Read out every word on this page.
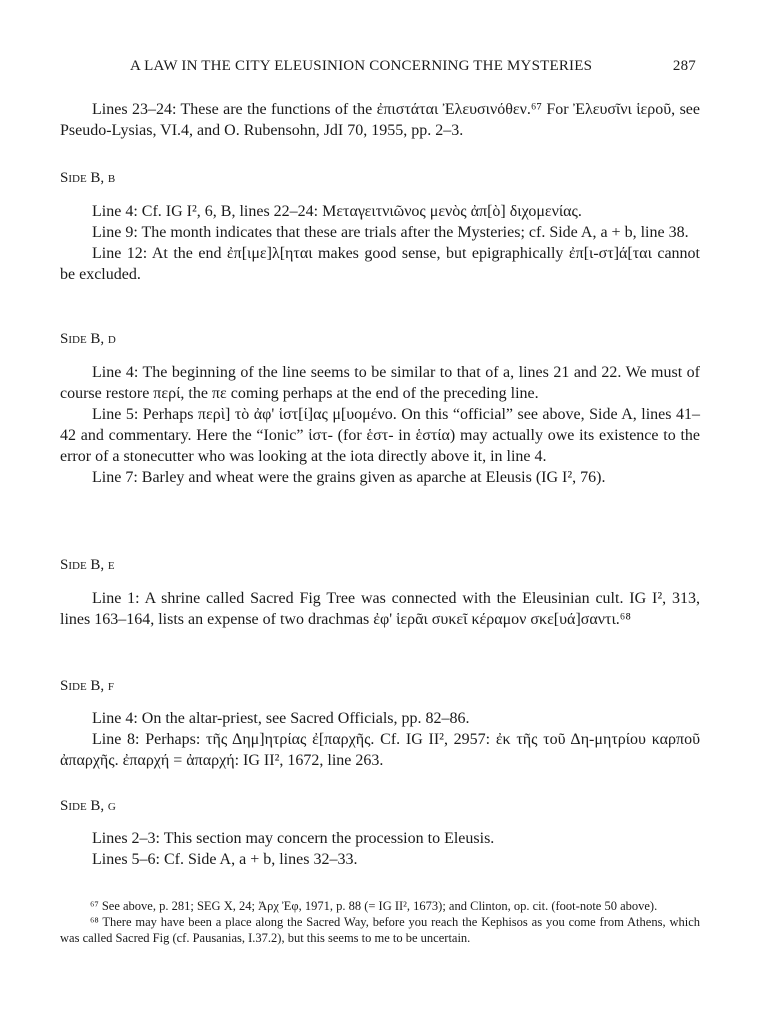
A LAW IN THE CITY ELEUSINION CONCERNING THE MYSTERIES	287

Lines 23–24: These are the functions of the ἐπιστάται Ἐλευσινόθεν.⁶⁷ For Ἐλευσῖνι ἱεροῦ, see Pseudo-Lysias, VI.4, and O. Rubensohn, JdI 70, 1955, pp. 2–3.

Side B, b

Line 4: Cf. IG I², 6, B, lines 22–24: Μεταγειτνιῶνος μενὸς ἀπ[ὸ] διχομενίας.

Line 9: The month indicates that these are trials after the Mysteries; cf. Side A, a + b, line 38.

Line 12: At the end ἐπ[ιμε]λ[ηται makes good sense, but epigraphically ἐπ[ι-στ]ά[ται cannot be excluded.

Side B, d

Line 4: The beginning of the line seems to be similar to that of a, lines 21 and 22. We must of course restore περί, the πε coming perhaps at the end of the preceding line.

Line 5: Perhaps περὶ] τὸ ἀφ' ἱστ[ί]ας μ[υομένο. On this “official” see above, Side A, lines 41–42 and commentary. Here the “Ionic” ἱστ- (for ἑστ- in ἑστία) may actually owe its existence to the error of a stonecutter who was looking at the iota directly above it, in line 4.

Line 7: Barley and wheat were the grains given as aparche at Eleusis (IG I², 76).

Side B, e

Line 1: A shrine called Sacred Fig Tree was connected with the Eleusinian cult. IG I², 313, lines 163–164, lists an expense of two drachmas ἐφ' ἱερᾶι συκεῖ κέραμον σκε[υά]σαντι.⁶⁸

Side B, f

Line 4: On the altar-priest, see Sacred Officials, pp. 82–86.

Line 8: Perhaps: τῆς Δημ]ητρίας ἐ[παρχῆς. Cf. IG II², 2957: ἐκ τῆς τοῦ Δη-μητρίου καρποῦ ἀπαρχῆς. ἐπαρχή = ἀπαρχή: IG II², 1672, line 263.

Side B, g

Lines 2–3: This section may concern the procession to Eleusis.

Lines 5–6: Cf. Side A, a + b, lines 32–33.

⁶⁷ See above, p. 281; SEG X, 24; Ἀρχ Ἐφ, 1971, p. 88 (= IG II², 1673); and Clinton, op. cit. (foot-note 50 above).

⁶⁸ There may have been a place along the Sacred Way, before you reach the Kephisos as you come from Athens, which was called Sacred Fig (cf. Pausanias, I.37.2), but this seems to me to be uncertain.
